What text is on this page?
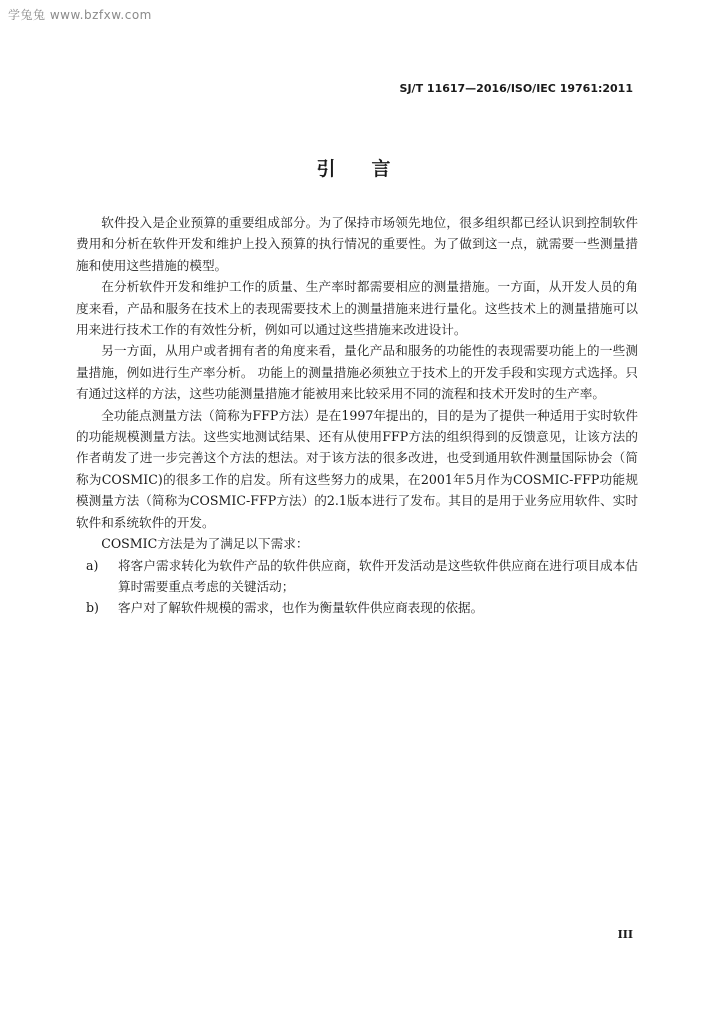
学兔兔 www.bzfxw.com
SJ/T 11617—2016/ISO/IEC 19761:2011
引言

软件投入是企业预算的重要组成部分。为了保持市场领先地位，很多组织都已经认识到控制软件费用和分析在软件开发和维护上投入预算的执行情况的重要性。为了做到这一点，就需要一些测量措施和使用这些措施的模型。

在分析软件开发和维护工作的质量、生产率时都需要相应的测量措施。一方面，从开发人员的角度来看，产品和服务在技术上的表现需要技术上的测量措施来进行量化。这些技术上的测量措施可以用来进行技术工作的有效性分析，例如可以通过这些措施来改进设计。

另一方面，从用户或者拥有者的角度来看，量化产品和服务的功能性的表现需要功能上的一些测量措施，例如进行生产率分析。 功能上的测量措施必须独立于技术上的开发手段和实现方式选择。只有通过这样的方法，这些功能测量措施才能被用来比较采用不同的流程和技术开发时的生产率。

全功能点测量方法（简称为FFP方法）是在1997年提出的，目的是为了提供一种适用于实时软件的功能规模测量方法。这些实地测试结果、还有从使用FFP方法的组织得到的反馈意见，让该方法的作者萌发了进一步完善这个方法的想法。对于该方法的很多改进，也受到通用软件测量国际协会（简称为COSMIC)的很多工作的启发。所有这些努力的成果，在2001年5月作为COSMIC-FFP功能规模测量方法（简称为COSMIC-FFP方法）的2.1版本进行了发布。其目的是用于业务应用软件、实时软件和系统软件的开发。

COSMIC方法是为了满足以下需求：

a)	将客户需求转化为软件产品的软件供应商，软件开发活动是这些软件供应商在进行项目成本估算时需要重点考虑的关键活动；
b)	客户对了解软件规模的需求，也作为衡量软件供应商表现的依据。
III
